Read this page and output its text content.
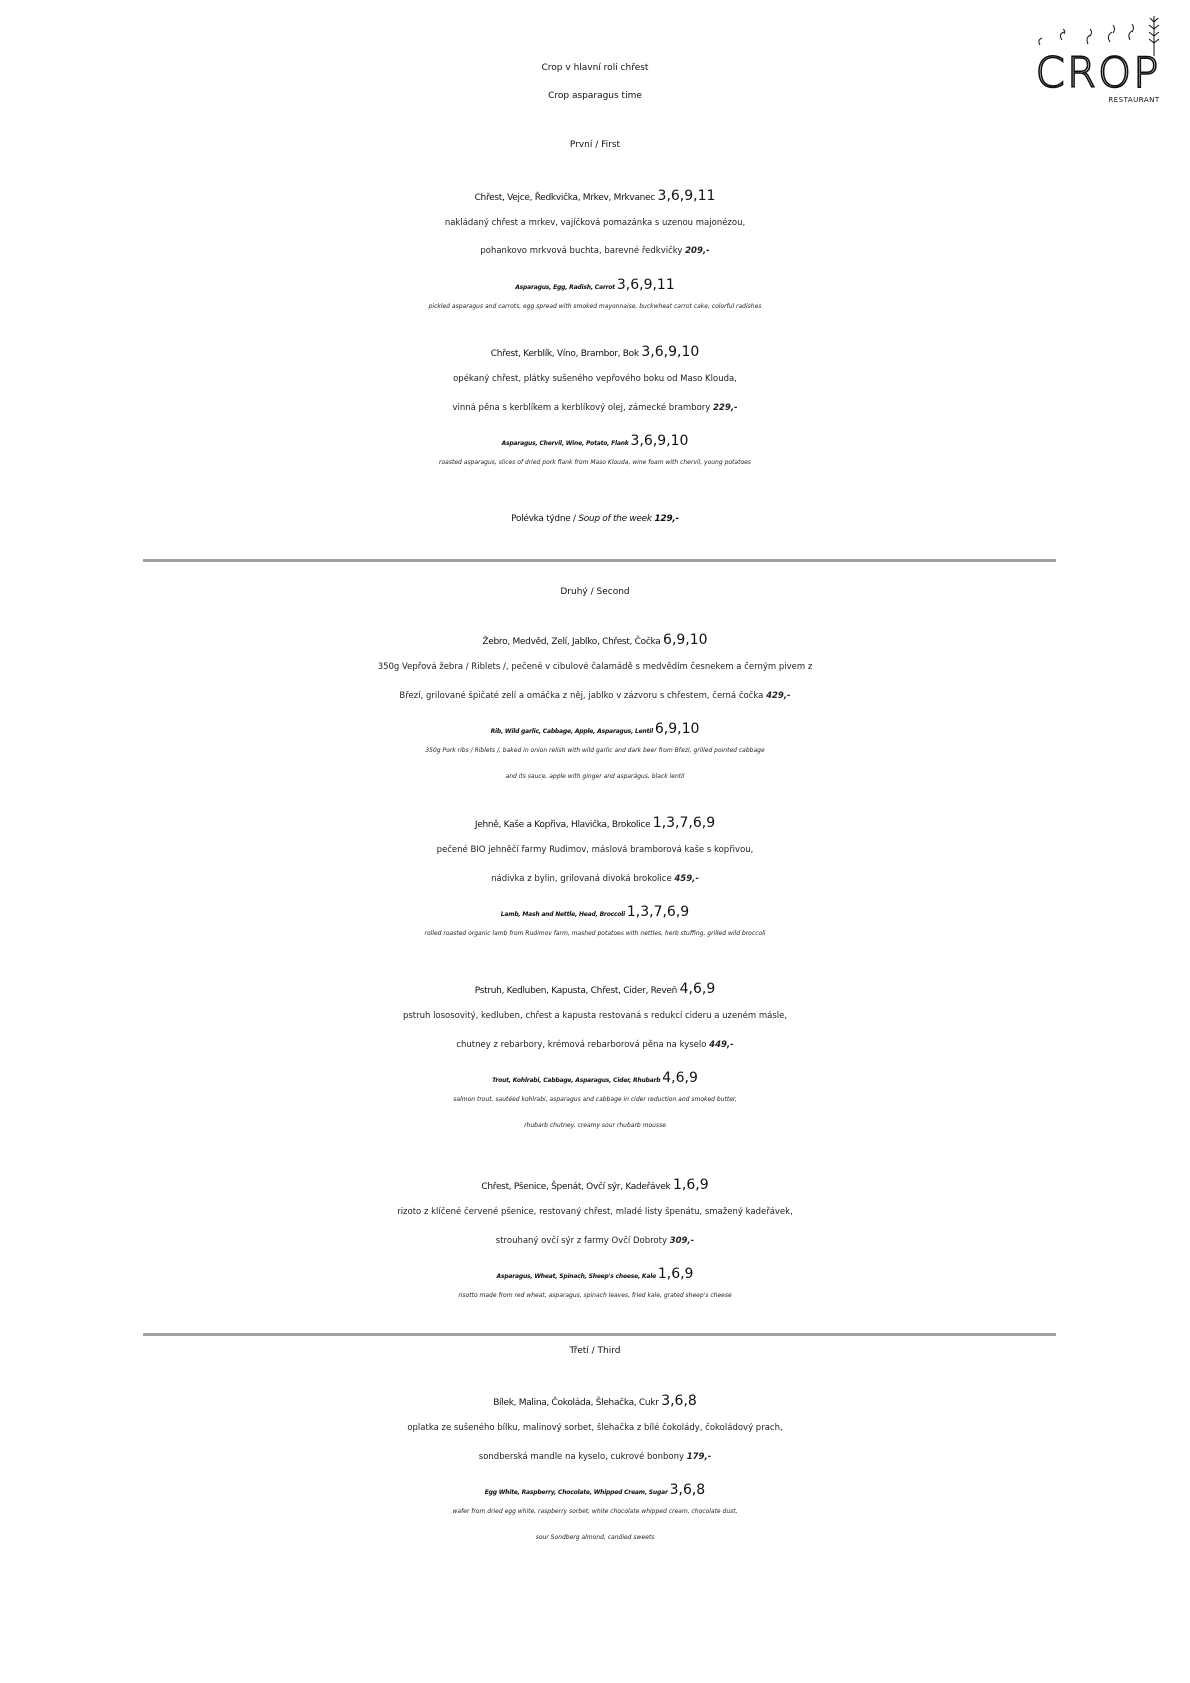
CROP
RESTAURANT
Crop v hlavní roli chřest
Crop asparagus time
První / First
Chřest, Vejce, Ředkvička, Mrkev, Mrkvanec 3,6,9,11
nakládaný chřest a mrkev, vajíčková pomazánka s uzenou majonézou,
pohankovo mrkvová buchta, barevné ředkvičky 209,-
Asparagus, Egg, Radish, Carrot 3,6,9,11
pickled asparagus and carrots, egg spread with smoked mayonnaise, buckwheat carrot cake, colorful radishes
Chřest, Kerblík, Víno, Brambor, Bok 3,6,9,10
opékaný chřest, plátky sušeného vepřového boku od Maso Klouda,
vinná pěna s kerblíkem a kerblíkový olej, zámecké brambory 229,-
Asparagus, Chervil, Wine, Potato, Flank 3,6,9,10
roasted asparagus, slices of dried pork flank from Maso Klouda, wine foam with chervil, young potatoes
Polévka týdne / Soup of the week 129,-
Druhý / Second
Žebro, Medvěd, Zelí, Jablko, Chřest, Čočka 6,9,10
350g Vepřová žebra / Riblets /, pečené v cibulové čalamádě s medvědím česnekem a černým pivem z
Březí, grilované špičaté zelí a omáčka z něj, jablko v zázvoru s chřestem, černá čočka 429,-
Rib, Wild garlic, Cabbage, Apple, Asparagus, Lentil 6,9,10
350g Pork ribs / Riblets /, baked in onion relish with wild garlic and dark beer from Březí, grilled pointed cabbage
and its sauce, apple with ginger and asparágus, black lentil
Jehně, Kaše a Kopřiva, Hlavička, Brokolice 1,3,7,6,9
pečené BIO jehněčí farmy Rudimov, máslová bramborová kaše s kopřivou,
nádivka z bylin, grilovaná divoká brokolice 459,-
Lamb, Mash and Nettle, Head, Broccoli 1,3,7,6,9
rolled roasted organic lamb from Rudimov farm, mashed potatoes with nettles, herb stuffing, grilled wild broccoli
Pstruh, Kedluben, Kapusta, Chřest, Cider, Reveň 4,6,9
pstruh lososovitý, kedluben, chřest a kapusta restovaná s redukcí cideru a uzeném másle,
chutney z rebarbory, krémová rebarborová pěna na kyselo 449,-
Trout, Kohlrabi, Cabbage, Asparagus, Cider, Rhubarb 4,6,9
salmon trout, sautéed kohlrabi, asparagus and cabbage in cider reduction and smoked butter,
rhubarb chutney, creamy sour rhubarb mousse
Chřest, Pšenice, Špenát, Ovčí sýr, Kadeřávek 1,6,9
rizoto z klíčené červené pšenice, restovaný chřest, mladé listy špenátu, smažený kadeřávek,
strouhaný ovčí sýr z farmy Ovčí Dobroty 309,-
Asparagus, Wheat, Spinach, Sheep's cheese, Kale 1,6,9
risotto made from red wheat, asparagus, spinach leaves, fried kale, grated sheep's cheese
Třetí / Third
Bílek, Malina, Čokoláda, Šlehačka, Cukr 3,6,8
oplatka ze sušeného bílku, malinový sorbet, šlehačka z bílé čokolády, čokoládový prach,
sondberská mandle na kyselo, cukrové bonbony 179,-
Egg White, Raspberry, Chocolate, Whipped Cream, Sugar 3,6,8
wafer from dried egg white, raspberry sorbet, white chocolate whipped cream, chocolate dust,
sour Sondberg almond, candied sweets
